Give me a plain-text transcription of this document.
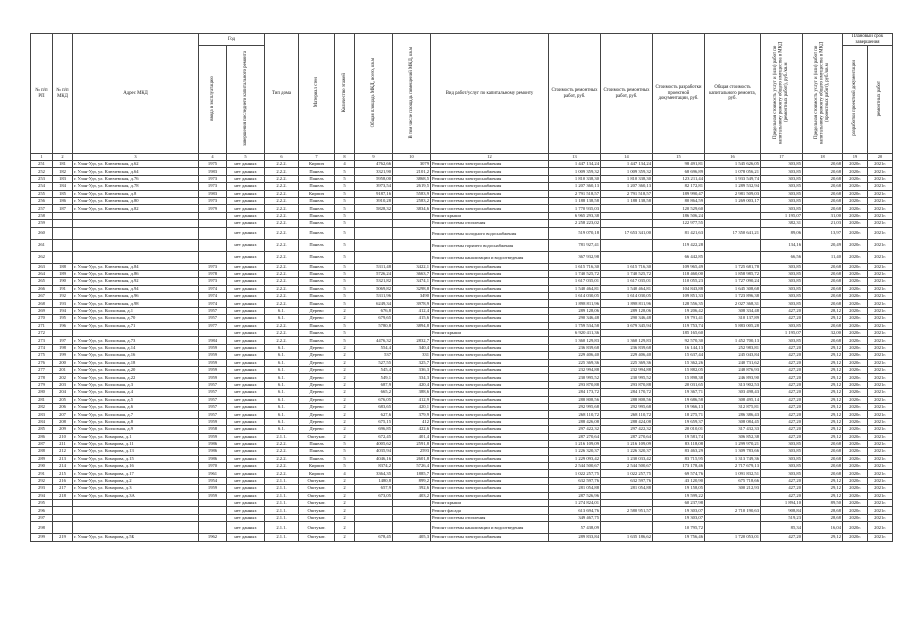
№ п/п РП	№ п/п МКД	Адрес МКД	Год		Тип дома	Материал стен	Количество этажей	Общая площадь МКД, всего, кв.м	В том числе площадь помещений МКД, кв.м	Вид работ/услуг по капитальному ремонту	Стоимость ремонтных работ, руб.	Стоимость ремонтных работ, руб.	Стоимость разработки проектной документации, руб.	Общая стоимость капитального ремонта, руб.	Предельная стоимость услуг и (или) работ по капитальному ремонту общего имущества в МКД (ремонтных работ), руб./кв.м	Предельная стоимость услуг и (или) работ по капитальному ремонту общего имущества в МКД (проектных работ), руб./кв.м	Плановый срок завершения	
			ввода в эксплуатацию	завершения последнего капитального ремонта													разработки проектной документации	ремонтных работ
1	2	3	4	5	6	7	8	9	10	12	13	14	15	16	17	18	19	20
251	181	г. Улан-Удэ, ул. Ключевская, д.62	1975	нет данных	2.2.2.	Кирпич	4	4762,66	3079	Ремонт системы электроснабжения	1 447 134,24	1 447 134,24	98 491,81	1 545 626,05	303,85	20,68	2020г.	2021г.
252	182	г. Улан-Удэ, ул. Ключевская, д.64	1983	нет данных	2.2.2.	Панель	5	3321,90	2101,2	Ремонт системы электроснабжения	1 009 359,32	1 009 359,32	68 696,89	1 078 056,21	303,85	20,68	2020г.	2021г.
253	183	г. Улан-Удэ, ул. Ключевская, д.76	1973	нет данных	2.2.2.	Панель	5	5958,00	3868,5	Ремонт системы электроснабжения	1 810 338,30	1 810 338,30	123 211,44	1 933 549,74	303,85	20,68	2020г.	2021г.
254	184	г. Улан-Удэ, ул. Ключевская, д.78	1973	нет данных	2.2.2.	Панель	5	3973,54	2619,5	Ремонт системы электроснабжения	1 207 360,13	1 207 360,13	82 172,81	1 289 532,94	303,85	20,68	2020г.	2021г.
255	185	г. Улан-Удэ, ул. Ключевская, д.8	1983	нет данных	2.2.2.	Кирпич	5	9187,16	5583,9	Ремонт системы электроснабжения	2 791 518,57	2 791 518,57	189 990,47	2 981 509,03	303,85	20,68	2020г.	2021г.
256	186	г. Улан-Удэ, ул. Ключевская, д.80	1973	нет данных	2.2.2.	Панель	5	3910,28	2583,2	Ремонт системы электроснабжения	1 188 138,58	1 188 138,58	80 864,59	1 269 003,17	303,85	20,68	2020г.	2021г.
257	187	г. Улан-Удэ, ул. Ключевская, д.82	1979	нет данных	2.2.2.	Панель	5	5828,32	3834,6	Ремонт системы электроснабжения	1 770 935,03		120 529,60		303,85	20,68	2020г.	2021г.
258				нет данных	2.2.2.	Панель	5			Ремонт крыши	6 965 293,38		186 506,24		1 195,07	31,00	2020г.	2021г.
259				нет данных	2.2.2.	Панель	5			Ремонт системы отопления	2 258 223,02		122 977,55		382,31	21,03	2020г.	2021г.
260				нет данных	2.2.2.	Панель	5			Ремонт системы холодного водоснабжения	519 070,18	17 653 341,00	81 421,63	17 350 641,21	89,06	13,97	2020г.	2021г.
261				нет данных	2.2.2.	Панель	5			Ремонт системы горячего водоснабжения	781 927,41		119 422,28		134,16	20,49	2020г.	2021г.
262				нет данных	2.2.2.	Панель	5			Ремонт системы канализации и водоотведения	367 932,98		66 442,85		66,56	11,40	2020г.	2021г.
263	188	г. Улан-Удэ, ул. Ключевская, д.84	1973	нет данных	2.2.2.	Панель	5	5311,48	3422,1	Ремонт системы электроснабжения	1 615 716,30	1 615 716,30	109 965,49	1 725 681,78	303,85	20,68	2020г.	2021г.
264	189	г. Улан-Удэ, ул. Ключевская, д.86	1978	нет данных	2.2.2.	Панель	5	5726,24	3663,7	Ремонт системы электроснабжения	1 740 525,72	1 740 525,72	118 460,00	1 858 985,72	303,85	20,68	2020г.	2021г.
265	190	г. Улан-Удэ, ул. Ключевская, д.92	1973	нет данных	2.2.2.	Панель	5	5321,82	3474,1	Ремонт системы электроснабжения	1 617 035,01	1 617 035,01	110 055,23	1 727 090,24	303,85	20,68	2020г.	2021г.
266	191	г. Улан-Удэ, ул. Ключевская, д.94	1974	нет данных	2.2.2.	Панель	5	5069,82	3298,8	Ремонт системы электроснабжения	1 540 464,81	1 540 464,81	104 843,88	1 645 308,68	303,85	20,68	2020г.	2021г.
267	192	г. Улан-Удэ, ул. Ключевская, д.96	1974	нет данных	2.2.2.	Панель	5	5311,96	3490	Ремонт системы электроснабжения	1 614 030,05	1 614 030,05	109 851,33	1 723 896,38	303,85	20,68	2020г.	2021г.
268	193	г. Улан-Удэ, ул. Ключевская, д.98	1974	нет данных	2.2.2.	Панель	5	6249,34	3978,9	Ремонт системы электроснабжения	1 898 811,96	1 898 811,96	128 556,35	2 027 368,31	303,85	20,68	2020г.	2021г.
269	194	г. Улан-Удэ, ул. Колхозная, д.1	1957	нет данных	6.1.	Дерево	2	676,8	412,4	Ремонт системы электроснабжения	289 128,06	289 128,06	19 206,42	308 334,48	427,20	28,12	2020г.	2021г.
270	195	г. Улан-Удэ, ул. Колхозная, д.70	1957	нет данных	6.1.	Дерево	2	679,65	415,6	Ремонт системы электроснабжения	290 346,48	290 346,48	19 791,41	310 137,89	427,20	29,12	2020г.	2021г.
271	196	г. Улан-Удэ, ул. Колхозная, д.71	1977	нет данных	2.2.2.	Панель	5	5780,8	3894,8	Ремонт системы электроснабжения	1 759 534,58	3 679 345,94	119 753,74	5 883 005,28	303,85	20,68	2020г.	2021г.
272				нет данных	2.2.2.	Панель	5			Ремонт крыши	6 920 411,36		185 165,60		1 195,07	32,00	2020г.	2021г.
273	197	г. Улан-Удэ, ул. Колхозная, д.73	1984	нет данных	2.2.2.	Панель	5	4476,32	2832,7	Ремонт системы электроснабжения	1 360 129,83	1 360 129,83	92 570,30	1 452 700,13	303,85	20,68	2020г.	2021г.
274	198	г. Улан-Удэ, ул. Колхозная, д.14	1959	нет данных	6.1.	Дерево	2	554,4	340,4	Ремонт системы электроснабжения	236 839,68	236 839,68	16 144,13	252 983,81	427,20	29,12	2020г.	2021г.
275	199	г. Улан-Удэ, ул. Колхозная, д.16	1959	нет данных	6.1.	Дерево	2	537	331	Ремонт системы электроснабжения	229 406,40	229 406,40	15 637,44	245 043,84	427,20	29,12	2020г.	2021г.
276	200	г. Улан-Удэ, ул. Колхозная, д.18	1959	нет данных	6.1.	Дерево	2	527,55	325,7	Ремонт системы электроснабжения	225 369,36	225 369,36	15 362,26	240 731,62	427,20	29,12	2020г.	2021г.
277	201	г. Улан-Удэ, ул. Колхозная, д.20	1959	нет данных	6.1.	Дерево	2	545,4	336,3	Ремонт системы электроснабжения	232 994,88	232 994,88	15 882,05	248 876,93	427,20	29,12	2020г.	2021г.
278	202	г. Улан-Удэ, ул. Колхозная, д.22	1959	нет данных	6.1.	Дерево	2	549,1	334,3	Ремонт системы электроснабжения	230 995,52	230 995,52	15 898,38	246 893,90	427,20	29,12	2020г.	2021г.
279	203	г. Улан-Удэ, ул. Колхозная, д.3	1957	нет данных	6.1.	Дерево	2	687,9	420,4	Ремонт системы электроснабжения	293 870,88	293 870,88	20 031,65	313 902,53	427,20	29,12	2020г.	2021г.
280	204	г. Улан-Удэ, ул. Колхозная, д.4	1957	нет данных	6.1.	Дерево	2	665,2	388,6	Ремонт системы электроснабжения	284 173,72	284 170,72	19 367,71	303 498,43	427,20	29,12	2020г.	2021г.
281	205	г. Улан-Удэ, ул. Колхозная, д.5	1957	нет данных	6.1.	Дерево	2	676,05	412,9	Ремонт системы электроснабжения	288 808,56	288 808,56	19 686,58	308 495,14	427,20	29,12	2020г.	2021г.
282	206	г. Улан-Удэ, ул. Колхозная, д.6	1957	нет данных	6.1.	Дерево	2	683,65	420,1	Ремонт системы электроснабжения	292 995,68	292 995,68	19 966,13	312 875,81	427,20	29,12	2020г.	2021г.
283	207	г. Улан-Удэ, ул. Колхозная, д.7	1957	нет данных	6.1.	Дерево	2	627,6	379,9	Ремонт системы электроснабжения	268 110,72	268 110,72	18 275,71	286 386,43	427,20	29,12	2020г.	2021г.
284	208	г. Улан-Удэ, ул. Колхозная, д.8	1959	нет данных	6.1.	Дерево	2	675,15	412	Ремонт системы электроснабжения	288 426,08	288 424,08	19 659,37	308 084,45	427,20	29,12	2020г.	2021г.
285	209	г. Улан-Удэ, ул. Колхозная, д.9	1958	нет данных	6.1.	Дерево	2	696,85	422,6	Ремонт системы электроснабжения	297 422,32	297 422,32	20 010,01	317 432,33	427,20	29,12	2020г.	2021г.
286	210	г. Улан-Удэ, ул. Комарова, д.1	1959	нет данных	2.1.1.	Оштукат.	2	672,45	401,4	Ремонт системы электроснабжения	287 270,64	287 270,64	19 581,74	306 852,38	427,20	29,12	2020г.	2021г.
287	211	г. Улан-Удэ, ул. Комарова, д.11	1986	нет данных	2.2.2.	Панель	5	4005,62	2591,8	Ремонт системы электроснабжения	1 216 109,09	1 216 109,09	83 118,08	1 299 970,21	303,85	20,68	2020г.	2021г.
288	212	г. Улан-Удэ, ул. Комарова, д.13	1986	нет данных	2.2.2.	Панель	5	4035,94	2593	Ремонт системы электроснабжения	1 226 320,37	1 226 320,37	83 463,29	1 309 783,66	303,85	20,68	2020г.	2021г.
289	213	г. Улан-Удэ, ул. Комарова, д.15	1986	нет данных	2.2.2.	Панель	5	4046,16	2601,8	Ремонт системы электроснабжения	1 229 093,42	1 230 033,42	83 715,95	1 313 749,36	303,85	20,68	2020г.	2021г.
290	214	г. Улан-Удэ, ул. Комарова, д.16	1970	нет данных	2.2.2.	Кирпич	5	8374,2	5726,4	Ремонт системы электроснабжения	2 544 500,67	2 544 500,67	173 178,46	2 717 679,13	303,85	20,68	2020г.	2021г.
291	215	г. Улан-Удэ, ул. Комарова, д.17	1961	нет данных	2.2.2.	Кирпич	4	3364,35	1885,7	Ремонт системы электроснабжения	1 022 257,75	1 022 257,75	69 574,76	1 091 832,51	303,85	20,68	2020г.	2021г.
292	216	г. Улан-Удэ, ул. Комарова, д.2	1954	нет данных	2.1.1.	Оштукат.	2	1480,8	899,2	Ремонт системы электроснабжения	632 597,76	632 597,76	43 120,90	675 718,66	427,20	29,12	2020г.	2021г.
293	217	г. Улан-Удэ, ул. Комарова, д.3	1959	нет данных	2.1.1.	Оштукат.	2	657,9	392,6	Ремонт системы электроснабжения	281 054,88	281 054,88	19 158,05	300 212,93	427,20	29,12	2020г.	2021г.
294	218	г. Улан-Удэ, ул. Комарова, д.3А	1959	нет данных	2.1.1.	Оштукат.	2	673,05	403,2	Ремонт системы электроснабжения	287 526,96		19 599,22		427,20	29,12	2020г.	2021г.
295				нет данных	2.1.1.	Оштукат.	2			Ремонт крыши	1 274 824,01		60 237,98		1 894,10	89,50	2020г.	2021г.
296				нет данных	2.1.1.	Оштукат.	2			Ремонт фасада	613 694,76	2 580 951,57	19 303,07	2 710 190,63	908,84	28,68	2020г.	2021г.
297				нет данных	2.1.1.	Оштукат.	2			Ремонт системы отопления	349 467,75		19 303,07		519,23	28,68	2020г.	2021г.
298				нет данных	2.1.1.	Оштукат.	2			Ремонт системы канализации и водоотведения	57 438,09		10 795,72		85,34	16,04	2020г.	2021г.
299	219	г. Улан-Удэ, ул. Комарова, д.5Б	1962	нет данных	2.1.1.	Оштукат.	2	678,45	405,3	Ремонт системы электроснабжения	289 833,84	1 635 186,62	19 756,46	1 720 053,01	427,20	29,12	2020г.	2021г.
